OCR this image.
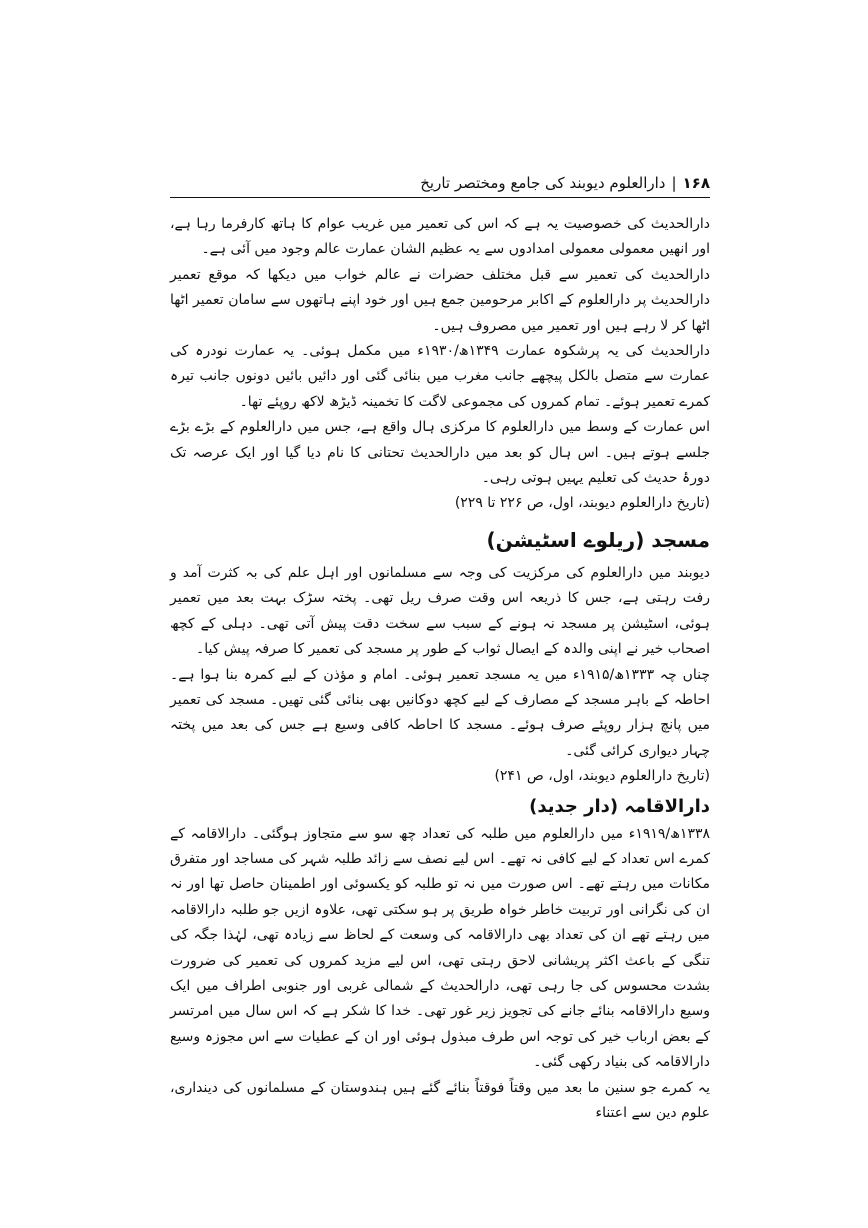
۱۶۸|دارالعلوم دیوبند کی جامع ومختصر تاریخ

دارالحدیث کی خصوصیت یہ ہے کہ اس کی تعمیر میں غریب عوام کا ہاتھ کارفرما رہا ہے، اور انھیں معمولی معمولی امدادوں سے یہ عظیم الشان عمارت عالم وجود میں آئی ہے۔

دارالحدیث کی تعمیر سے قبل مختلف حضرات نے عالم خواب میں دیکھا کہ موقع تعمیر دارالحدیث پر دارالعلوم کے اکابر مرحومین جمع ہیں اور خود اپنے ہاتھوں سے سامان تعمیر اٹھا اٹھا کر لا رہے ہیں اور تعمیر میں مصروف ہیں۔

دارالحدیث کی یہ پرشکوہ عمارت ۱۳۴۹ھ/۱۹۳۰ء میں مکمل ہوئی۔ یہ عمارت نودرہ کی عمارت سے متصل بالکل پیچھے جانب مغرب میں بنائی گئی اور دائیں بائیں دونوں جانب تیرہ کمرے تعمیر ہوئے۔ تمام کمروں کی مجموعی لاگت کا تخمینہ ڈیڑھ لاکھ روپئے تھا۔

اس عمارت کے وسط میں دارالعلوم کا مرکزی ہال واقع ہے، جس میں دارالعلوم کے بڑے بڑے جلسے ہوتے ہیں۔ اس ہال کو بعد میں دارالحدیث تحتانی کا نام دیا گیا اور ایک عرصہ تک دورۂ حدیث کی تعلیم یہیں ہوتی رہی۔

(تاریخ دارالعلوم دیوبند، اول، ص ۲۲۶ تا ۲۲۹)

مسجد (ریلوے اسٹیشن)

دیوبند میں دارالعلوم کی مرکزیت کی وجہ سے مسلمانوں اور اہل علم کی بہ کثرت آمد و رفت رہتی ہے، جس کا ذریعہ اس وقت صرف ریل تھی۔ پختہ سڑک بہت بعد میں تعمیر ہوئی، اسٹیشن پر مسجد نہ ہونے کے سبب سے سخت دقت پیش آتی تھی۔ دہلی کے کچھ اصحاب خیر نے اپنی والدہ کے ایصال ثواب کے طور پر مسجد کی تعمیر کا صرفہ پیش کیا۔

چناں چہ ۱۳۳۳ھ/۱۹۱۵ء میں یہ مسجد تعمیر ہوئی۔ امام و مؤذن کے لیے کمرہ بنا ہوا ہے۔ احاطہ کے باہر مسجد کے مصارف کے لیے کچھ دوکانیں بھی بنائی گئی تھیں۔ مسجد کی تعمیر میں پانچ ہزار روپئے صرف ہوئے۔ مسجد کا احاطہ کافی وسیع ہے جس کی بعد میں پختہ چہار دیواری کرائی گئی۔

(تاریخ دارالعلوم دیوبند، اول، ص ۲۴۱)

دارالاقامہ (دار جدید)

۱۳۳۸ھ/۱۹۱۹ء میں دارالعلوم میں طلبہ کی تعداد چھ سو سے متجاوز ہوگئی۔ دارالاقامہ کے کمرے اس تعداد کے لیے کافی نہ تھے۔ اس لیے نصف سے زائد طلبہ شہر کی مساجد اور متفرق مکانات میں رہتے تھے۔ اس صورت میں نہ تو طلبہ کو یکسوئی اور اطمینان حاصل تھا اور نہ ان کی نگرانی اور تربیت خاطر خواہ طریق پر ہو سکتی تھی، علاوہ ازیں جو طلبہ دارالاقامہ میں رہتے تھے ان کی تعداد بھی دارالاقامہ کی وسعت کے لحاظ سے زیادہ تھی، لہٰذا جگہ کی تنگی کے باعث اکثر پریشانی لاحق رہتی تھی، اس لیے مزید کمروں کی تعمیر کی ضرورت بشدت محسوس کی جا رہی تھی، دارالحدیث کے شمالی غربی اور جنوبی اطراف میں ایک وسیع دارالاقامہ بنائے جانے کی تجویز زیر غور تھی۔ خدا کا شکر ہے کہ اس سال میں امرتسر کے بعض ارباب خیر کی توجہ اس طرف مبذول ہوئی اور ان کے عطیات سے اس مجوزہ وسیع دارالاقامہ کی بنیاد رکھی گئی۔

یہ کمرے جو سنین ما بعد میں وقتاً فوقتاً بنائے گئے ہیں ہندوستان کے مسلمانوں کی دینداری، علوم دین سے اعتناء
